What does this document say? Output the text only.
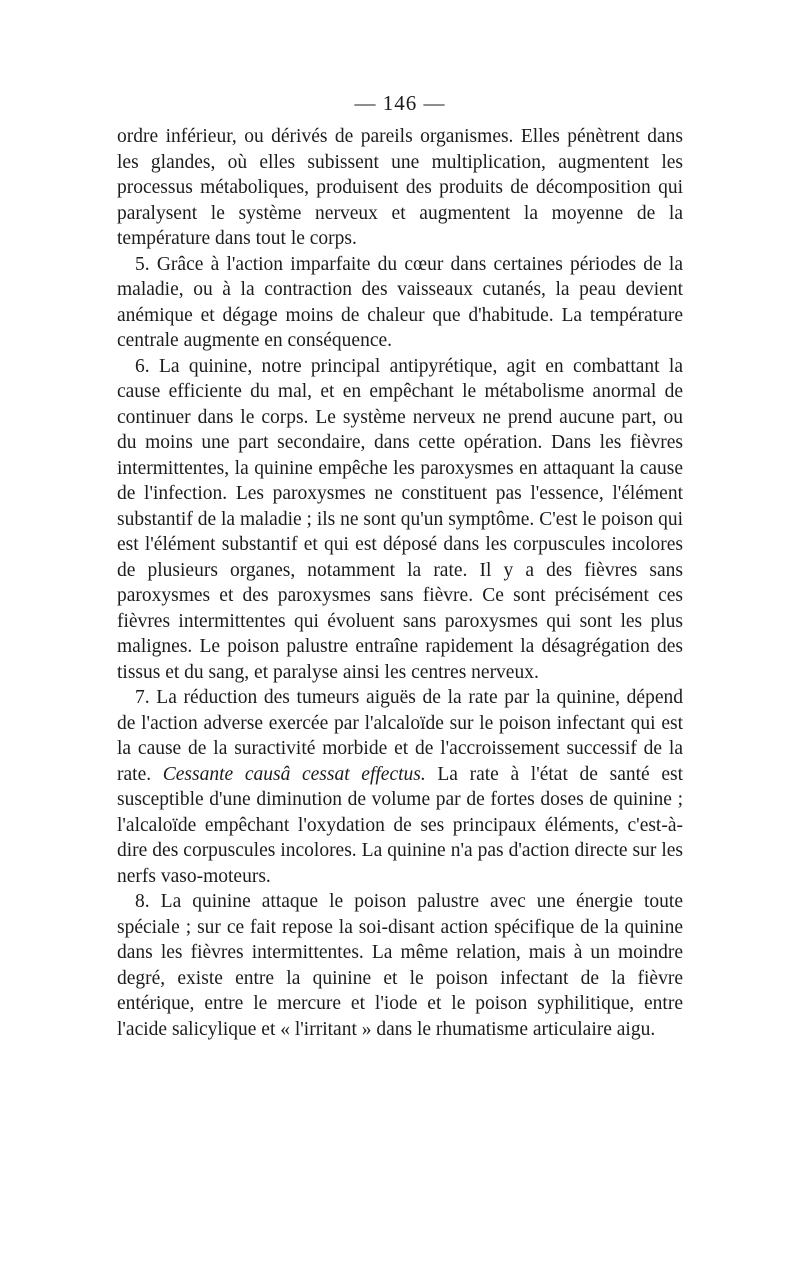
— 146 —

ordre inférieur, ou dérivés de pareils organismes. Elles pénètrent dans les glandes, où elles subissent une multiplication, augmentent les processus métaboliques, produisent des produits de décomposition qui paralysent le système nerveux et augmentent la moyenne de la température dans tout le corps.

5. Grâce à l'action imparfaite du cœur dans certaines périodes de la maladie, ou à la contraction des vaisseaux cutanés, la peau devient anémique et dégage moins de chaleur que d'habitude. La température centrale augmente en conséquence.

6. La quinine, notre principal antipyrétique, agit en combattant la cause efficiente du mal, et en empêchant le métabolisme anormal de continuer dans le corps. Le système nerveux ne prend aucune part, ou du moins une part secondaire, dans cette opération. Dans les fièvres intermittentes, la quinine empêche les paroxysmes en attaquant la cause de l'infection. Les paroxysmes ne constituent pas l'essence, l'élément substantif de la maladie ; ils ne sont qu'un symptôme. C'est le poison qui est l'élément substantif et qui est déposé dans les corpuscules incolores de plusieurs organes, notamment la rate. Il y a des fièvres sans paroxysmes et des paroxysmes sans fièvre. Ce sont précisément ces fièvres intermittentes qui évoluent sans paroxysmes qui sont les plus malignes. Le poison palustre entraîne rapidement la désagrégation des tissus et du sang, et paralyse ainsi les centres nerveux.

7. La réduction des tumeurs aiguës de la rate par la quinine, dépend de l'action adverse exercée par l'alcaloïde sur le poison infectant qui est la cause de la suractivité morbide et de l'accroissement successif de la rate. Cessante causâ cessat effectus. La rate à l'état de santé est susceptible d'une diminution de volume par de fortes doses de quinine ; l'alcaloïde empêchant l'oxydation de ses principaux éléments, c'est-à-dire des corpuscules incolores. La quinine n'a pas d'action directe sur les nerfs vaso-moteurs.

8. La quinine attaque le poison palustre avec une énergie toute spéciale ; sur ce fait repose la soi-disant action spécifique de la quinine dans les fièvres intermittentes. La même relation, mais à un moindre degré, existe entre la quinine et le poison infectant de la fièvre entérique, entre le mercure et l'iode et le poison syphilitique, entre l'acide salicylique et « l'irritant » dans le rhumatisme articulaire aigu.
